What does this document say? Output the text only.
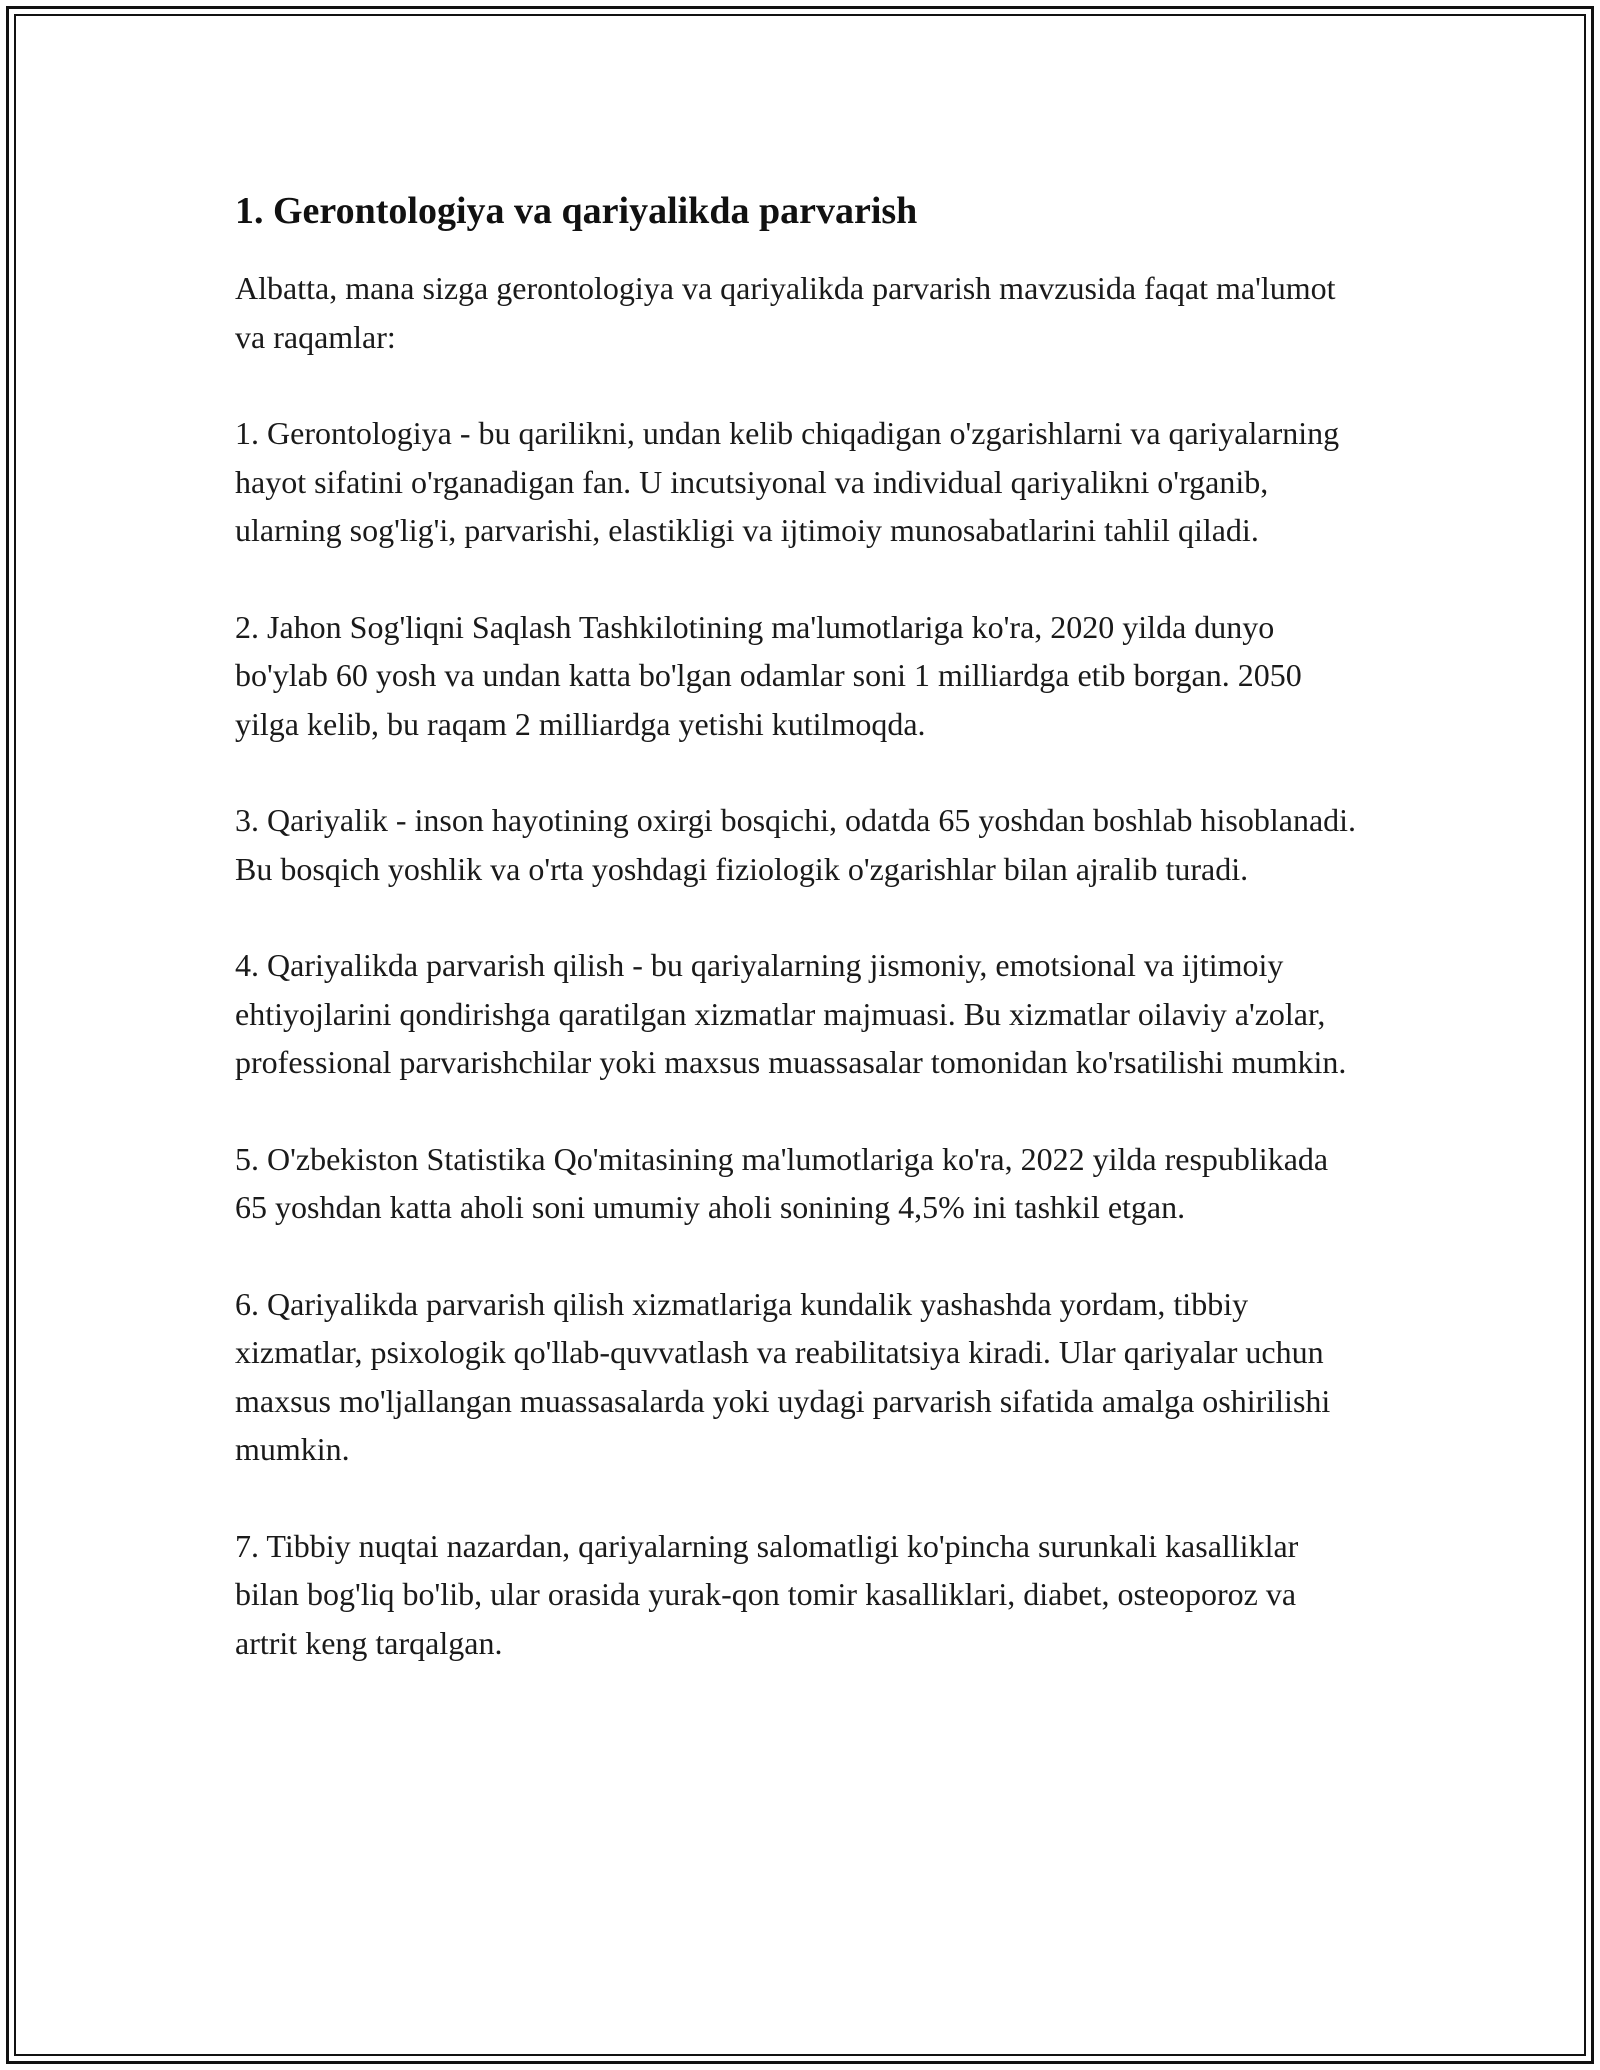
1. Gerontologiya va qariyalikda parvarish

Albatta, mana sizga gerontologiya va qariyalikda parvarish mavzusida faqat ma'lumot va raqamlar:

1. Gerontologiya - bu qarilikni, undan kelib chiqadigan o'zgarishlarni va qariyalarning hayot sifatini o'rganadigan fan. U incutsiyonal va individual qariyalikni o'rganib, ularning sog'lig'i, parvarishi, elastikligi va ijtimoiy munosabatlarini tahlil qiladi.

2. Jahon Sog'liqni Saqlash Tashkilotining ma'lumotlariga ko'ra, 2020 yilda dunyo bo'ylab 60 yosh va undan katta bo'lgan odamlar soni 1 milliardga etib borgan. 2050 yilga kelib, bu raqam 2 milliardga yetishi kutilmoqda.

3. Qariyalik - inson hayotining oxirgi bosqichi, odatda 65 yoshdan boshlab hisoblanadi. Bu bosqich yoshlik va o'rta yoshdagi fiziologik o'zgarishlar bilan ajralib turadi.

4. Qariyalikda parvarish qilish - bu qariyalarning jismoniy, emotsional va ijtimoiy ehtiyojlarini qondirishga qaratilgan xizmatlar majmuasi. Bu xizmatlar oilaviy a'zolar, professional parvarishchilar yoki maxsus muassasalar tomonidan ko'rsatilishi mumkin.

5. O'zbekiston Statistika Qo'mitasining ma'lumotlariga ko'ra, 2022 yilda respublikada 65 yoshdan katta aholi soni umumiy aholi sonining 4,5% ini tashkil etgan.

6. Qariyalikda parvarish qilish xizmatlariga kundalik yashashda yordam, tibbiy xizmatlar, psixologik qo'llab-quvvatlash va reabilitatsiya kiradi. Ular qariyalar uchun maxsus mo'ljallangan muassasalarda yoki uydagi parvarish sifatida amalga oshirilishi mumkin.

7. Tibbiy nuqtai nazardan, qariyalarning salomatligi ko'pincha surunkali kasalliklar bilan bog'liq bo'lib, ular orasida yurak-qon tomir kasalliklari, diabet, osteoporoz va artrit keng tarqalgan.
